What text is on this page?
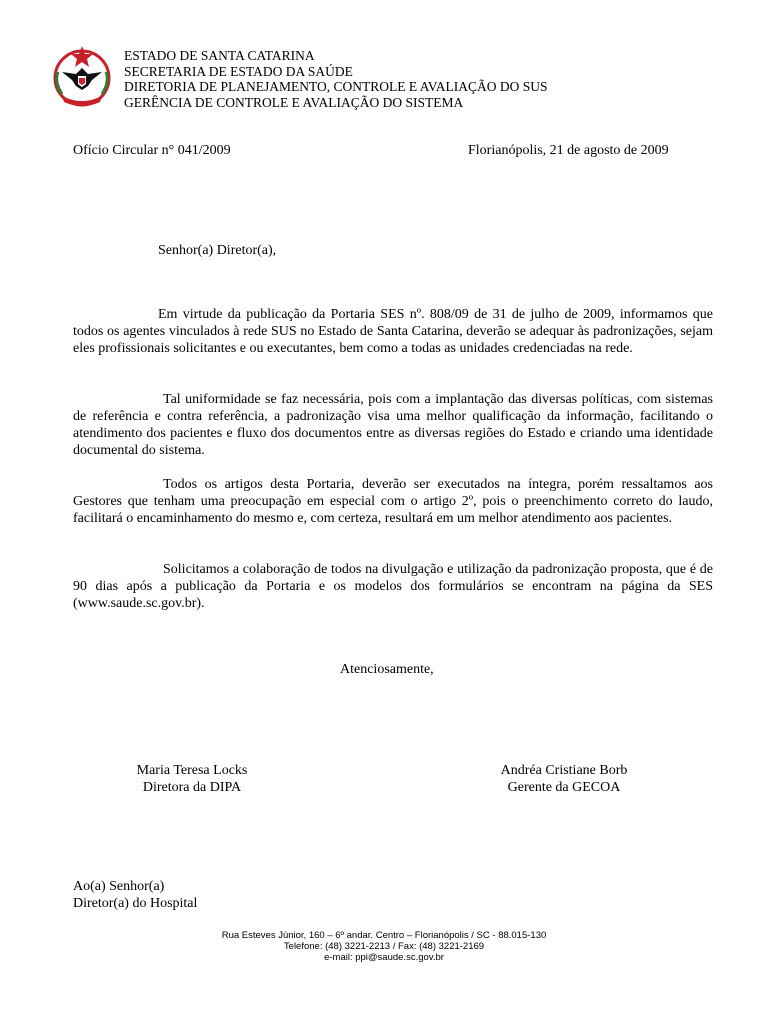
ESTADO DE SANTA CATARINA
SECRETARIA DE ESTADO DA SAÚDE
DIRETORIA DE PLANEJAMENTO, CONTROLE E AVALIAÇÃO DO SUS
GERÊNCIA DE CONTROLE E AVALIAÇÃO DO SISTEMA
Ofício Circular n° 041/2009	Florianópolis, 21 de agosto de 2009
Senhor(a) Diretor(a),
Em virtude da publicação da Portaria SES nº. 808/09 de 31 de julho de 2009, informamos que todos os agentes vinculados à rede SUS no Estado de Santa Catarina, deverão se adequar às padronizações, sejam eles profissionais solicitantes e ou executantes, bem como a todas as unidades credenciadas na rede.
Tal uniformidade se faz necessária, pois com a implantação das diversas políticas, com sistemas de referência e contra referência, a padronização visa uma melhor qualificação da informação, facilitando o atendimento dos pacientes e fluxo dos documentos entre as diversas regiões do Estado e criando uma identidade documental do sistema.
Todos os artigos desta Portaria, deverão ser executados na íntegra, porém ressaltamos aos Gestores que tenham uma preocupação em especial com o artigo 2º, pois o preenchimento correto do laudo, facilitará o encaminhamento do mesmo e, com certeza, resultará em um melhor atendimento aos pacientes.
Solicitamos a colaboração de todos na divulgação e utilização da padronização proposta, que é de 90 dias após a publicação da Portaria e os modelos dos formulários se encontram na página da SES (www.saude.sc.gov.br).
Atenciosamente,
Maria Teresa Locks
Diretora da DIPA
Andréa Cristiane Borb
Gerente da GECOA
Ao(a) Senhor(a)
Diretor(a) do Hospital
Rua Esteves Júnior, 160 – 6º andar. Centro – Florianópolis / SC - 88.015-130
Telefone: (48) 3221-2213 / Fax: (48) 3221-2169
e-mail: ppi@saude.sc.gov.br
